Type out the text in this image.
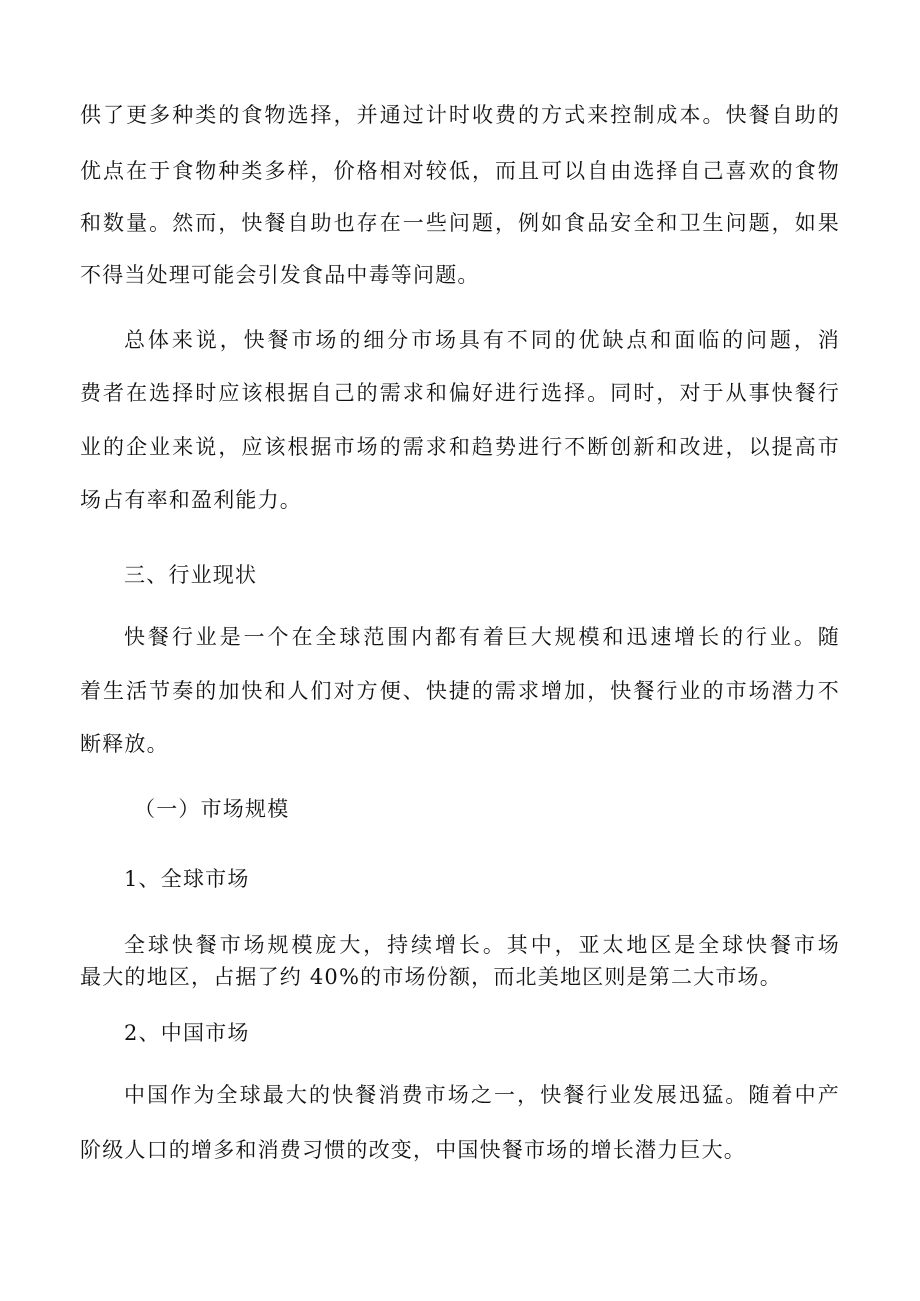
供了更多种类的食物选择，并通过计时收费的方式来控制成本。快餐自助的
优点在于食物种类多样，价格相对较低，而且可以自由选择自己喜欢的食物
和数量。然而，快餐自助也存在一些问题，例如食品安全和卫生问题，如果
不得当处理可能会引发食品中毒等问题。
总体来说，快餐市场的细分市场具有不同的优缺点和面临的问题，消
费者在选择时应该根据自己的需求和偏好进行选择。同时，对于从事快餐行
业的企业来说，应该根据市场的需求和趋势进行不断创新和改进，以提高市
场占有率和盈利能力。
三、行业现状
快餐行业是一个在全球范围内都有着巨大规模和迅速增长的行业。随
着生活节奏的加快和人们对方便、快捷的需求增加，快餐行业的市场潜力不
断释放。
（一）市场规模
1、全球市场
全球快餐市场规模庞大，持续增长。其中，亚太地区是全球快餐市场
最大的地区，占据了约 40%的市场份额，而北美地区则是第二大市场。
2、中国市场
中国作为全球最大的快餐消费市场之一，快餐行业发展迅猛。随着中产
阶级人口的增多和消费习惯的改变，中国快餐市场的增长潜力巨大。
